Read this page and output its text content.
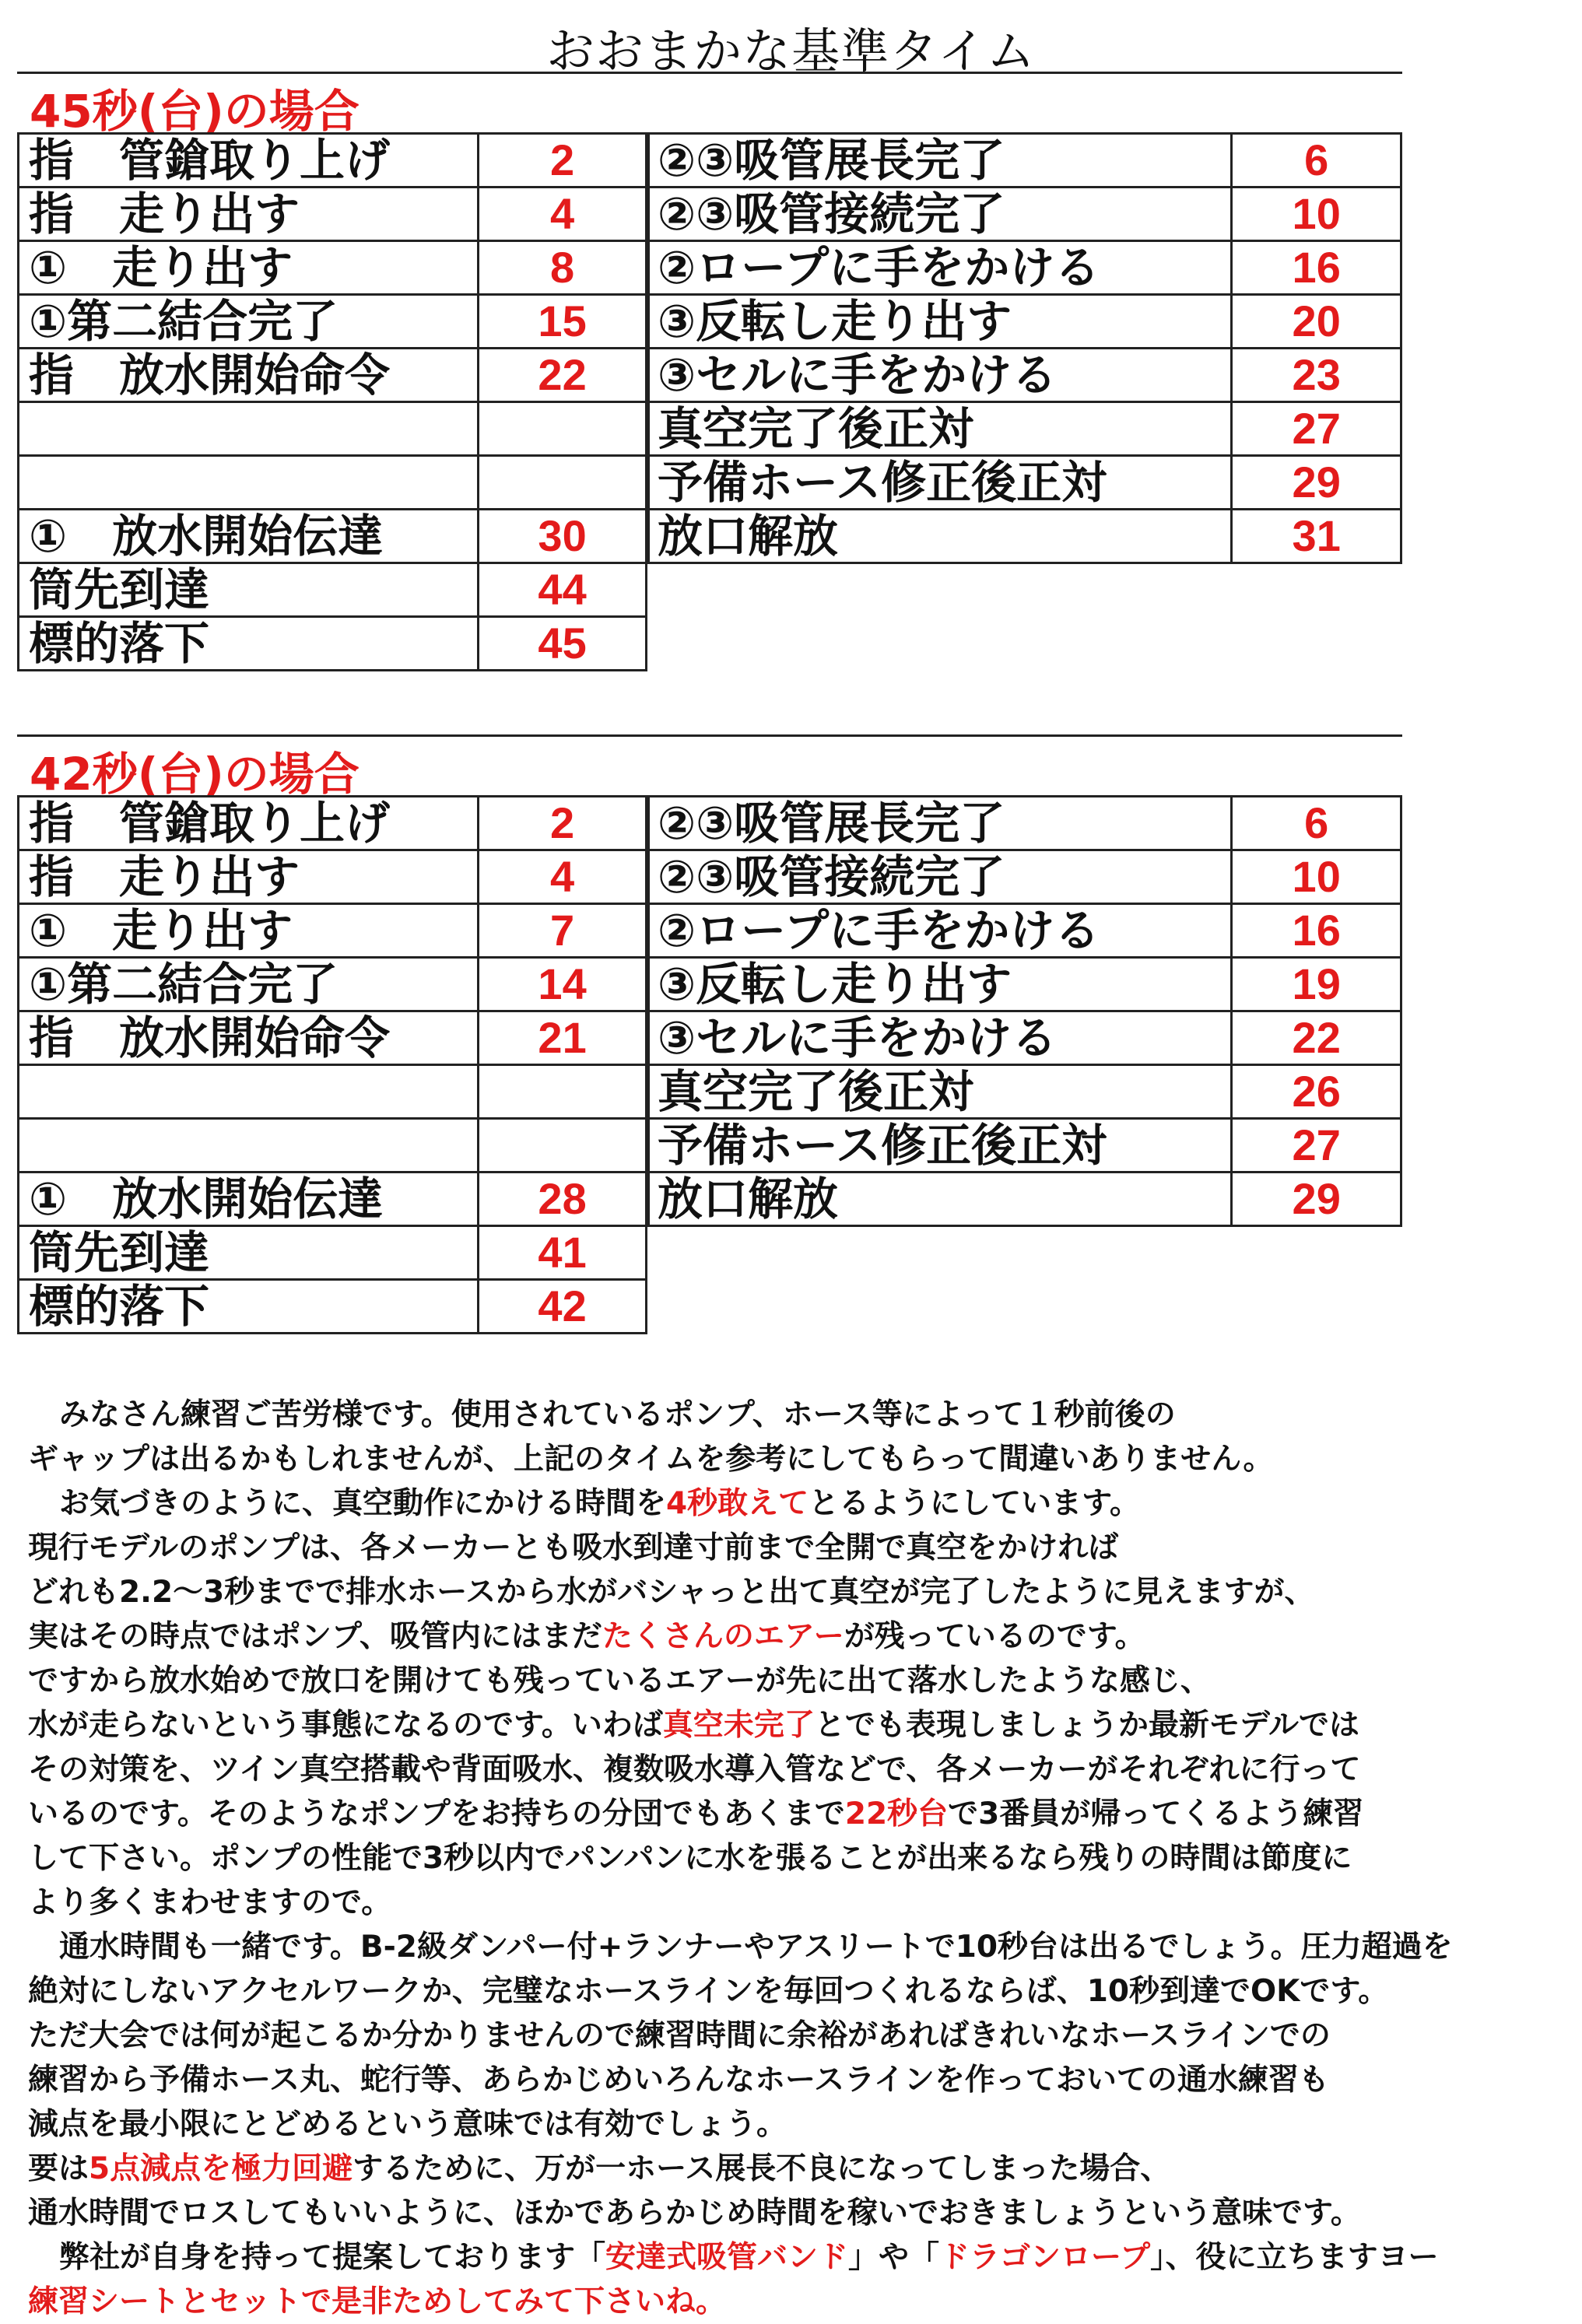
おおまかな基準タイム
45秒(台)の場合
指　管鎗取り上げ	2
指　走り出す	4
①　走り出す	8
①第二結合完了	15
指　放水開始命令	22

①　放水開始伝達	30
筒先到達	44
標的落下	45
②③吸管展長完了	6
②③吸管接続完了	10
②ロープに手をかける	16
③反転し走り出す	20
③セルに手をかける	23
真空完了後正対	27
予備ホース修正後正対	29
放口解放	31
42秒(台)の場合
指　管鎗取り上げ	2
指　走り出す	4
①　走り出す	7
①第二結合完了	14
指　放水開始命令	21

①　放水開始伝達	28
筒先到達	41
標的落下	42
②③吸管展長完了	6
②③吸管接続完了	10
②ロープに手をかける	16
③反転し走り出す	19
③セルに手をかける	22
真空完了後正対	26
予備ホース修正後正対	27
放口解放	29

みなさん練習ご苦労様です。使用されているポンプ、ホース等によって１秒前後の

ギャップは出るかもしれませんが、上記のタイムを参考にしてもらって間違いありません。

お気づきのように、真空動作にかける時間を4秒敢えてとるようにしています。

現行モデルのポンプは、各メーカーとも吸水到達寸前まで全開で真空をかければ

どれも2.2～3秒までで排水ホースから水がバシャっと出て真空が完了したように見えますが、

実はその時点ではポンプ、吸管内にはまだたくさんのエアーが残っているのです。

ですから放水始めで放口を開けても残っているエアーが先に出て落水したような感じ、

水が走らないという事態になるのです。いわば真空未完了とでも表現しましょうか最新モデルでは

その対策を、ツイン真空搭載や背面吸水、複数吸水導入管などで、各メーカーがそれぞれに行って

いるのです。そのようなポンプをお持ちの分団でもあくまで22秒台で3番員が帰ってくるよう練習

して下さい。ポンプの性能で3秒以内でパンパンに水を張ることが出来るなら残りの時間は節度に

より多くまわせますので。

通水時間も一緒です。B-2級ダンパー付+ランナーやアスリートで10秒台は出るでしょう。圧力超過を

絶対にしないアクセルワークか、完璧なホースラインを毎回つくれるならば、10秒到達でOKです。

ただ大会では何が起こるか分かりませんので練習時間に余裕があればきれいなホースラインでの

練習から予備ホース丸、蛇行等、あらかじめいろんなホースラインを作っておいての通水練習も

減点を最小限にとどめるという意味では有効でしょう。

要は5点減点を極力回避するために、万が一ホース展長不良になってしまった場合、

通水時間でロスしてもいいように、ほかであらかじめ時間を稼いでおきましょうという意味です。

弊社が自身を持って提案しております「安達式吸管バンド」や「ドラゴンロープ」、役に立ちますヨー

練習シートとセットで是非ためしてみて下さいね。
